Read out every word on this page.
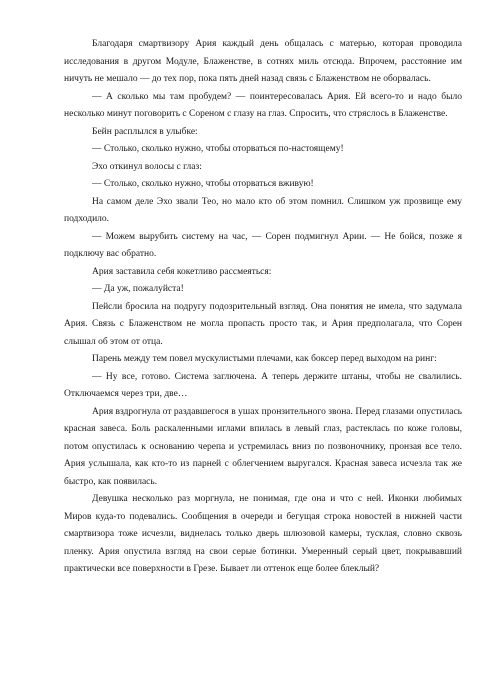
Благодаря смартвизору Ария каждый день общалась с матерью, которая проводила исследования в другом Модуле, Блаженстве, в сотнях миль отсюда. Впрочем, расстояние им ничуть не мешало — до тех пор, пока пять дней назад связь с Блаженством не оборвалась.

— А сколько мы там пробудем? — поинтересовалась Ария. Ей всего-то и надо было несколько минут поговорить с Сореном с глазу на глаз. Спросить, что стряслось в Блаженстве.

Бейн расплылся в улыбке:

— Столько, сколько нужно, чтобы оторваться по-настоящему!

Эхо откинул волосы с глаз:

— Столько, сколько нужно, чтобы оторваться вживую!

На самом деле Эхо звали Тео, но мало кто об этом помнил. Слишком уж прозвище ему подходило.

— Можем вырубить систему на час, — Сорен подмигнул Арии. — Не бойся, позже я подключу вас обратно.

Ария заставила себя кокетливо рассмеяться:

— Да уж, пожалуйста!

Пейсли бросила на подругу подозрительный взгляд. Она понятия не имела, что задумала Ария. Связь с Блаженством не могла пропасть просто так, и Ария предполагала, что Сорен слышал об этом от отца.

Парень между тем повел мускулистыми плечами, как боксер перед выходом на ринг:

— Ну все, готово. Система заглючена. А теперь держите штаны, чтобы не свалились. Отключаемся через три, две…

Ария вздрогнула от раздавшегося в ушах пронзительного звона. Перед глазами опустилась красная завеса. Боль раскаленными иглами впилась в левый глаз, растеклась по коже головы, потом опустилась к основанию черепа и устремилась вниз по позвоночнику, пронзая все тело. Ария услышала, как кто-то из парней с облегчением выругался. Красная завеса исчезла так же быстро, как появилась.

Девушка несколько раз моргнула, не понимая, где она и что с ней. Иконки любимых Миров куда-то подевались. Сообщения в очереди и бегущая строка новостей в нижней части смартвизора тоже исчезли, виднелась только дверь шлюзовой камеры, тусклая, словно сквозь пленку. Ария опустила взгляд на свои серые ботинки. Умеренный серый цвет, покрывавший практически все поверхности в Грезе. Бывает ли оттенок еще более блеклый?
